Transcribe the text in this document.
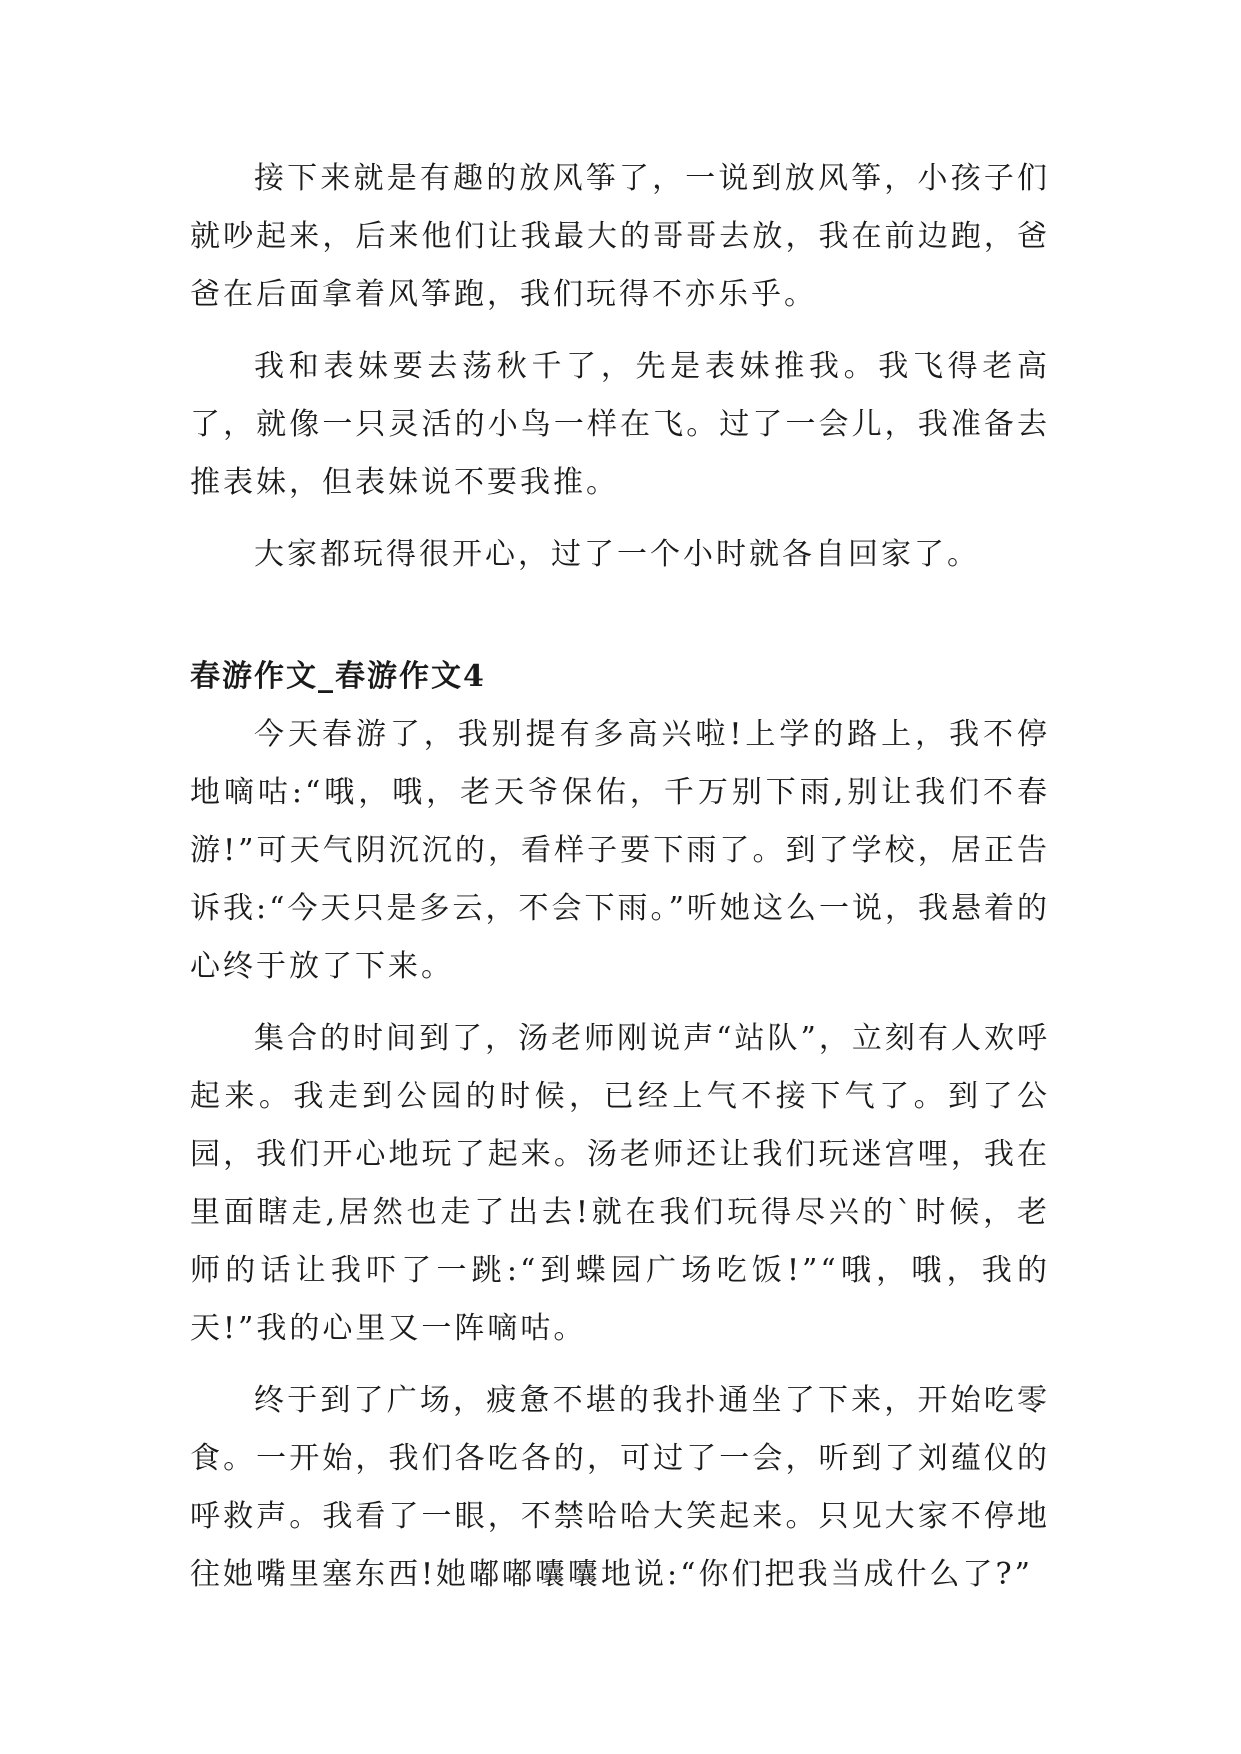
接下来就是有趣的放风筝了，一说到放风筝，小孩子们就吵起来，后来他们让我最大的哥哥去放，我在前边跑，爸爸在后面拿着风筝跑，我们玩得不亦乐乎。

我和表妹要去荡秋千了，先是表妹推我。我飞得老高了，就像一只灵活的小鸟一样在飞。过了一会儿，我准备去推表妹，但表妹说不要我推。

大家都玩得很开心，过了一个小时就各自回家了。

春游作文_春游作文4

今天春游了，我别提有多高兴啦!上学的路上，我不停地嘀咕:“哦，哦，老天爷保佑，千万别下雨,别让我们不春游!”可天气阴沉沉的，看样子要下雨了。到了学校，居正告诉我:“今天只是多云，不会下雨。”听她这么一说，我悬着的心终于放了下来。

集合的时间到了，汤老师刚说声“站队”，立刻有人欢呼起来。我走到公园的时候，已经上气不接下气了。到了公园，我们开心地玩了起来。汤老师还让我们玩迷宫哩，我在里面瞎走,居然也走了出去!就在我们玩得尽兴的`时候，老师的话让我吓了一跳:“到蝶园广场吃饭!”“哦，哦，我的天!”我的心里又一阵嘀咕。

终于到了广场，疲惫不堪的我扑通坐了下来，开始吃零食。一开始，我们各吃各的，可过了一会，听到了刘蕴仪的呼救声。我看了一眼，不禁哈哈大笑起来。只见大家不停地往她嘴里塞东西!她嘟嘟囔囔地说:“你们把我当成什么了?”
